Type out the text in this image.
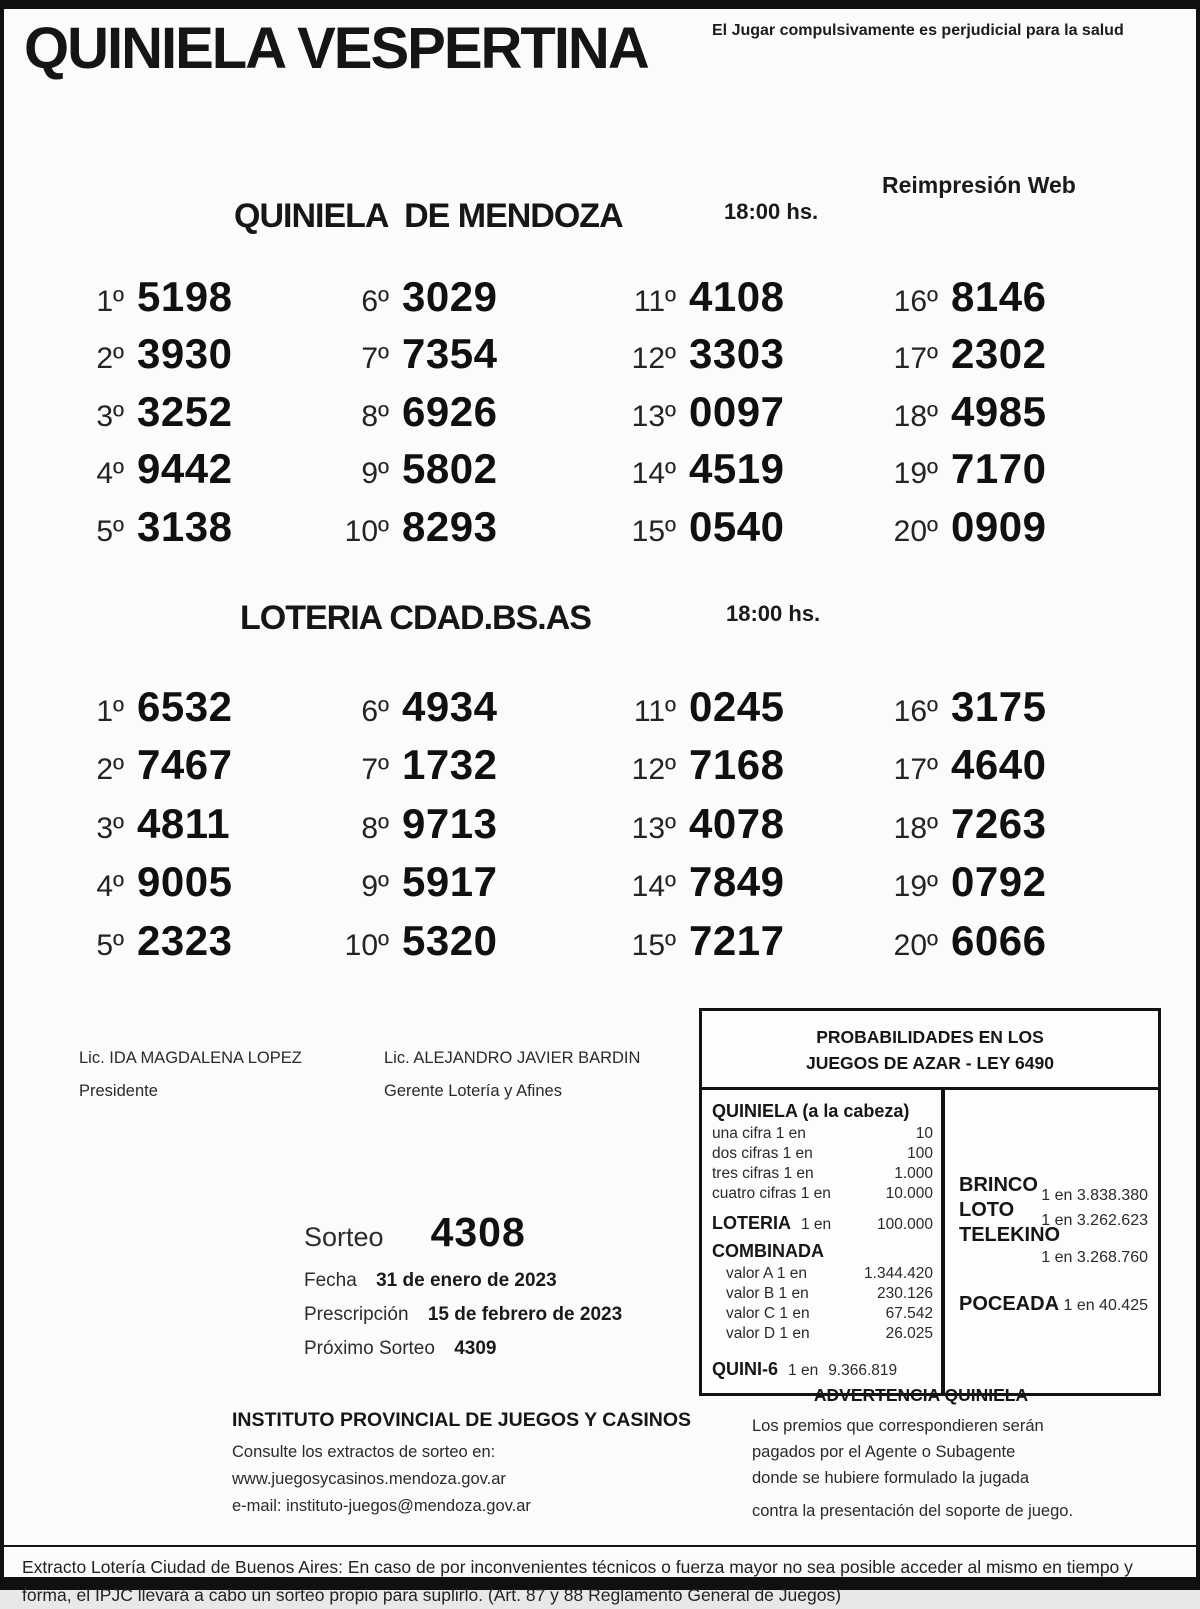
QUINIELA VESPERTINA	El Jugar compulsivamente es perjudicial para la salud
QUINIELA  DE MENDOZA	18:00 hs.
Reimpresión Web
1º 5198
2º 3930
3º 3252
4º 9442
5º 3138
6º 3029
7º 7354
8º 6926
9º 5802
10º 8293
11º 4108
12º 3303
13º 0097
14º 4519
15º 0540
16º 8146
17º 2302
18º 4985
19º 7170
20º 0909
LOTERIA CDAD.BS.AS	18:00 hs.
1º 6532
2º 7467
3º 4811
4º 9005
5º 2323
6º 4934
7º 1732
8º 9713
9º 5917
10º 5320
11º 0245
12º 7168
13º 4078
14º 7849
15º 7217
16º 3175
17º 4640
18º 7263
19º 0792
20º 6066
Lic. IDA MAGDALENA LOPEZ
Presidente
Lic. ALEJANDRO JAVIER BARDIN
Gerente Lotería y Afines
PROBABILIDADES EN LOS
JUEGOS DE AZAR - LEY 6490
QUINIELA (a la cabeza)
una cifra 1 en	10
dos cifras 1 en	100
tres cifras 1 en	1.000
cuatro cifras 1 en	10.000
LOTERIA 1 en	100.000
COMBINADA
valor A 1 en	1.344.420
valor B 1 en	230.126
valor C 1 en	67.542
valor D 1 en	26.025
QUINI-6 1 en 9.366.819
BRINCO 1 en 3.838.380
LOTO 1 en 3.262.623
TELEKINO
1 en 3.268.760
POCEADA 1 en 40.425
Sorteo 4308
Fecha 31 de enero de 2023
Prescripción 15 de febrero de 2023
Próximo Sorteo 4309
INSTITUTO PROVINCIAL DE JUEGOS Y CASINOS
Consulte los extractos de sorteo en:
www.juegosycasinos.mendoza.gov.ar
e-mail: instituto-juegos@mendoza.gov.ar
ADVERTENCIA QUINIELA
Los premios que correspondieren serán
pagados por el Agente o Subagente
donde se hubiere formulado la jugada
contra la presentación del soporte de juego.
Extracto Lotería Ciudad de Buenos Aires: En caso de por inconvenientes técnicos o fuerza mayor no sea posible acceder al mismo en tiempo y
forma, el IPJC llevará a cabo un sorteo propio para suplirlo. (Art. 87 y 88 Reglamento General de Juegos)
